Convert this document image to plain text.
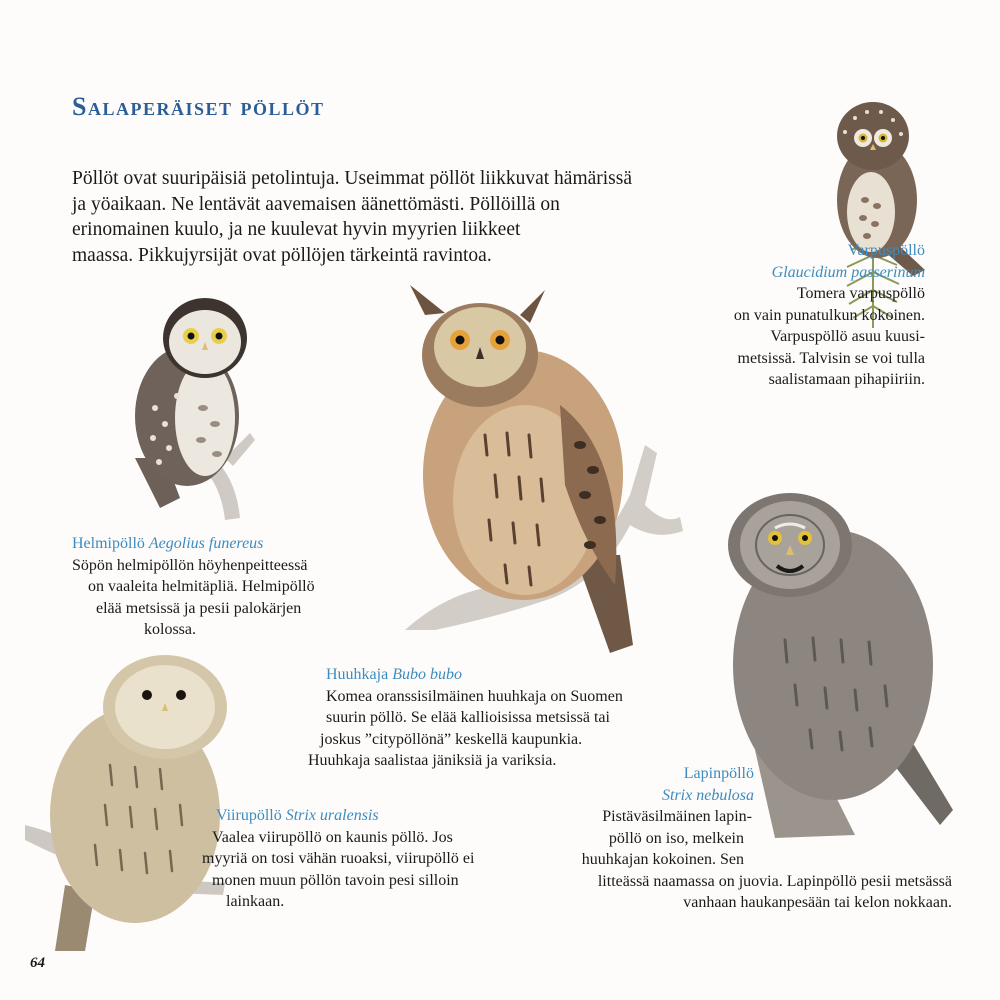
Salaperäiset pöllöt
Pöllöt ovat suuripäisiä petolintuja. Useimmat pöllöt liikkuvat hämärissä
ja yöaikaan. Ne lentävät aavemaisen äänettömästi. Pöllöillä on
erinomainen kuulo, ja ne kuulevat hyvin myyrien liikkeet
maassa. Pikkujyrsijät ovat pöllöjen tärkeintä ravintoa.	Varpuspöllö
Glaucidium passerinum
Tomera varpuspöllö
on vain punatulkun kokoinen.
Varpuspöllö asuu kuusi-
metsissä. Talvisin se voi tulla
saalistamaan pihapiiriin.
Helmipöllö Aegolius funereus
Söpön helmipöllön höyhenpeitteessä
on vaaleita helmitäpliä. Helmipöllö
elää metsissä ja pesii palokärjen
kolossa.
Huuhkaja Bubo bubo
Komea oranssisilmäinen huuhkaja on Suomen
suurin pöllö. Se elää kallioisissa metsissä tai
joskus ”citypöllönä” keskellä kaupunkia.
Huuhkaja saalistaa jäniksiä ja variksia.
Viirupöllö Strix uralensis
Vaalea viirupöllö on kaunis pöllö. Jos
myyriä on tosi vähän ruoaksi, viirupöllö ei
monen muun pöllön tavoin pesi silloin
lainkaan.
Lapinpöllö
Strix nebulosa
Pistäväsilmäinen lapin-
pöllö on iso, melkein
huuhkajan kokoinen. Sen
litteässä naamassa on juovia. Lapinpöllö pesii metsässä
vanhaan haukanpesään tai kelon nokkaan.
64
